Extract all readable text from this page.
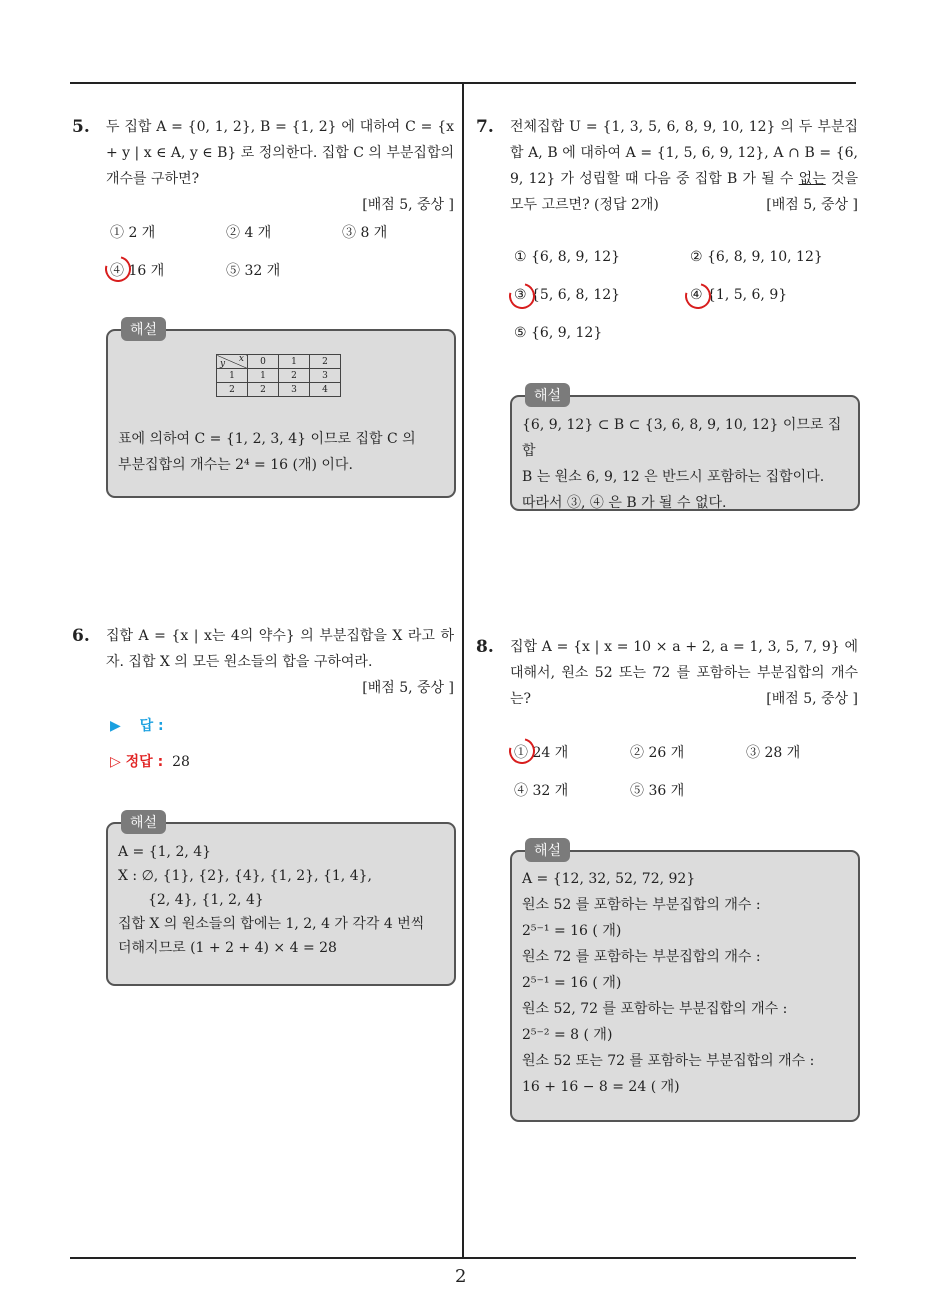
2
5. 두 집합 A = {0, 1, 2}, B = {1, 2} 에 대하여 C = {x + y | x ∈ A, y ∈ B} 로 정의한다. 집합 C 의 부분집합의 개수를 구하면?
[배점 5, 중상 ]
① 2 개	② 4 개	③ 8 개
④ 16 개	⑤ 32 개
해설
x
y	0	1	2
1	1	2	3
2	2	3	4
표에 의하여 C = {1, 2, 3, 4} 이므로 집합 C 의
부분집합의 개수는 2⁴ = 16 (개) 이다.
6. 집합 A = {x | x는 4의 약수} 의 부분집합을 X 라고 하자. 집합 X 의 모든 원소들의 합을 구하여라.
[배점 5, 중상 ]
▶ 답 :
▷ 정답 : 28
해설
A = {1, 2, 4}
X : ∅, {1}, {2}, {4}, {1, 2}, {1, 4},
{2, 4}, {1, 2, 4}
집합 X 의 원소들의 합에는 1, 2, 4 가 각각 4 번씩
더해지므로 (1 + 2 + 4) × 4 = 28
7. 전체집합 U = {1, 3, 5, 6, 8, 9, 10, 12} 의 두 부분집합 A, B 에 대하여 A = {1, 5, 6, 9, 12}, A ∩ B = {6, 9, 12} 가 성립할 때 다음 중 집합 B 가 될 수 없는 것을 모두 고르면? (정답 2개)	[배점 5, 중상 ]
① {6, 8, 9, 12}	② {6, 8, 9, 10, 12}
③ {5, 6, 8, 12}	④ {1, 5, 6, 9}
⑤ {6, 9, 12}
해설
{6, 9, 12} ⊂ B ⊂ {3, 6, 8, 9, 10, 12} 이므로 집합
B 는 원소 6, 9, 12 은 반드시 포함하는 집합이다.
따라서 ③, ④ 은 B 가 될 수 없다.
8. 집합 A = {x | x = 10 × a + 2, a = 1, 3, 5, 7, 9} 에 대해서, 원소 52 또는 72 를 포함하는 부분집합의 개수는?	[배점 5, 중상 ]
① 24 개	② 26 개	③ 28 개
④ 32 개	⑤ 36 개
해설
A = {12, 32, 52, 72, 92}
원소 52 를 포함하는 부분집합의 개수 :
2⁵⁻¹ = 16 ( 개)
원소 72 를 포함하는 부분집합의 개수 :
2⁵⁻¹ = 16 ( 개)
원소 52, 72 를 포함하는 부분집합의 개수 :
2⁵⁻² = 8 ( 개)
원소 52 또는 72 를 포함하는 부분집합의 개수 :
16 + 16 − 8 = 24 ( 개)
